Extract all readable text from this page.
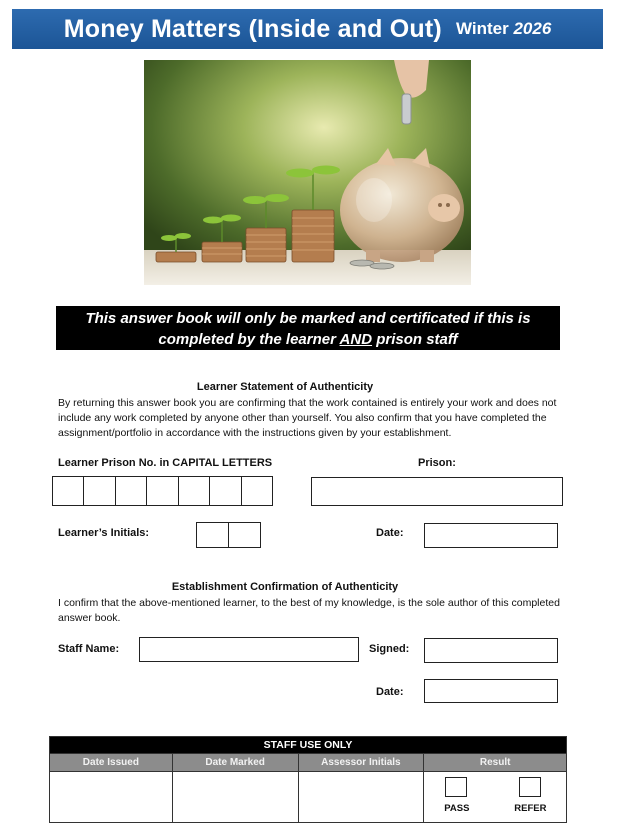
Money Matters (Inside and Out) Winter 2026
This answer book will only be marked and certificated if this is
completed by the learner AND prison staff
Learner Statement of Authenticity
By returning this answer book you are confirming that the work contained is entirely your work and does not include any work completed by anyone other than yourself. You also confirm that you have completed the assignment/portfolio in accordance with the instructions given by your establishment.
Learner Prison No. in CAPITAL LETTERS	Prison:
Learner’s Initials:	Date:
Establishment Confirmation of Authenticity
I confirm that the above-mentioned learner, to the best of my knowledge, is the sole author of this completed answer book.
Staff Name:	Signed:
Date:
STAFF USE ONLY			
Date Issued	Date Marked	Assessor Initials	Result

			PASS REFER
